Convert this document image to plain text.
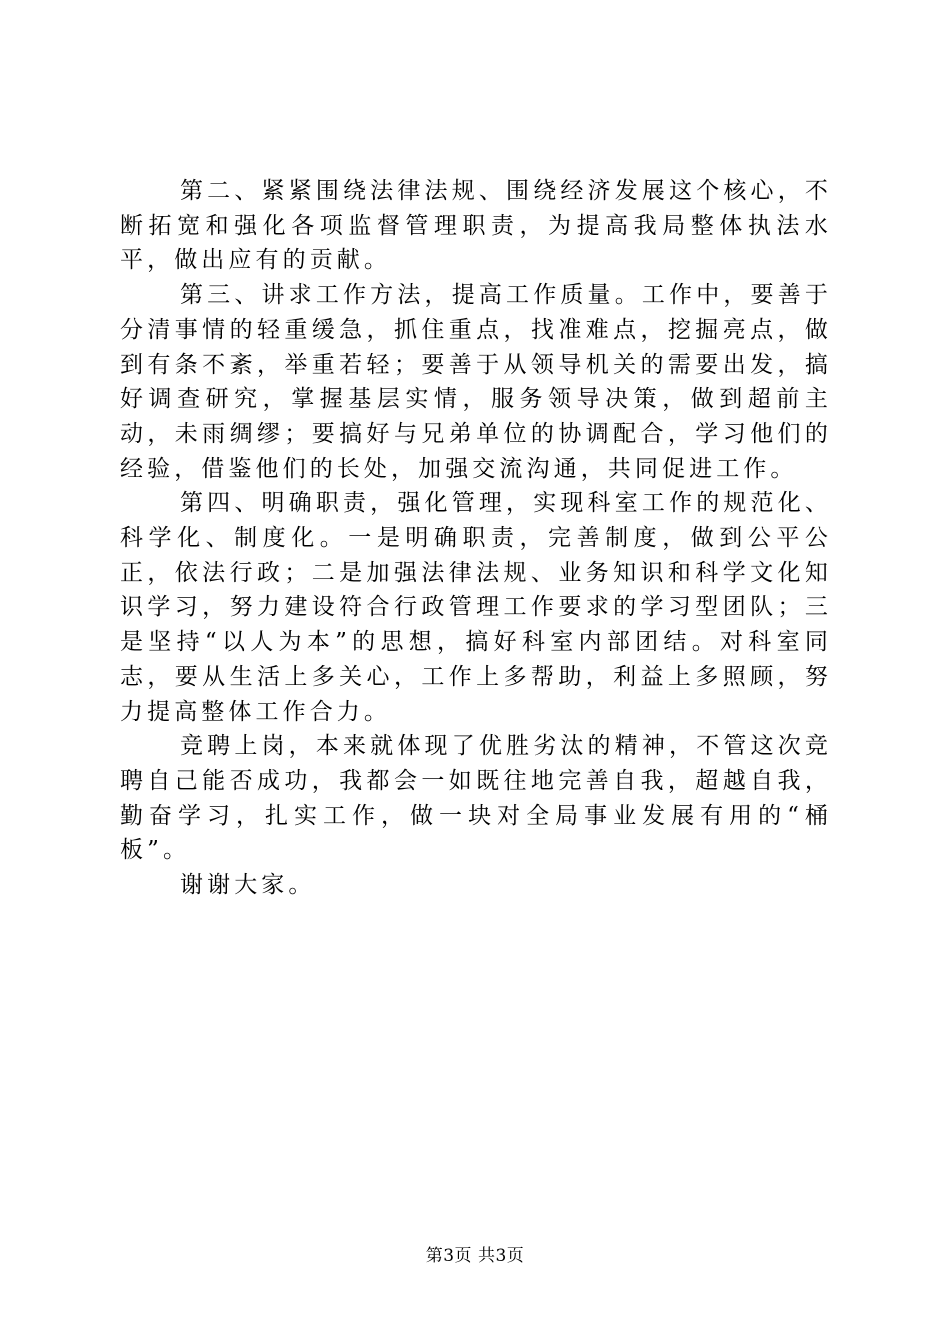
第二、紧紧围绕法律法规、围绕经济发展这个核心，不断拓宽和强化各项监督管理职责，为提高我局整体执法水平，做出应有的贡献。

第三、讲求工作方法，提高工作质量。工作中，要善于分清事情的轻重缓急，抓住重点，找准难点，挖掘亮点，做到有条不紊，举重若轻；要善于从领导机关的需要出发，搞好调查研究，掌握基层实情，服务领导决策，做到超前主动，未雨绸缪；要搞好与兄弟单位的协调配合，学习他们的经验，借鉴他们的长处，加强交流沟通，共同促进工作。

第四、明确职责，强化管理，实现科室工作的规范化、科学化、制度化。一是明确职责，完善制度，做到公平公正，依法行政；二是加强法律法规、业务知识和科学文化知识学习，努力建设符合行政管理工作要求的学习型团队；三是坚持“以人为本”的思想，搞好科室内部团结。对科室同志，要从生活上多关心，工作上多帮助，利益上多照顾，努力提高整体工作合力。

竞聘上岗，本来就体现了优胜劣汰的精神，不管这次竞聘自己能否成功，我都会一如既往地完善自我，超越自我，勤奋学习，扎实工作，做一块对全局事业发展有用的“桶板”。

谢谢大家。

第3页 共3页
